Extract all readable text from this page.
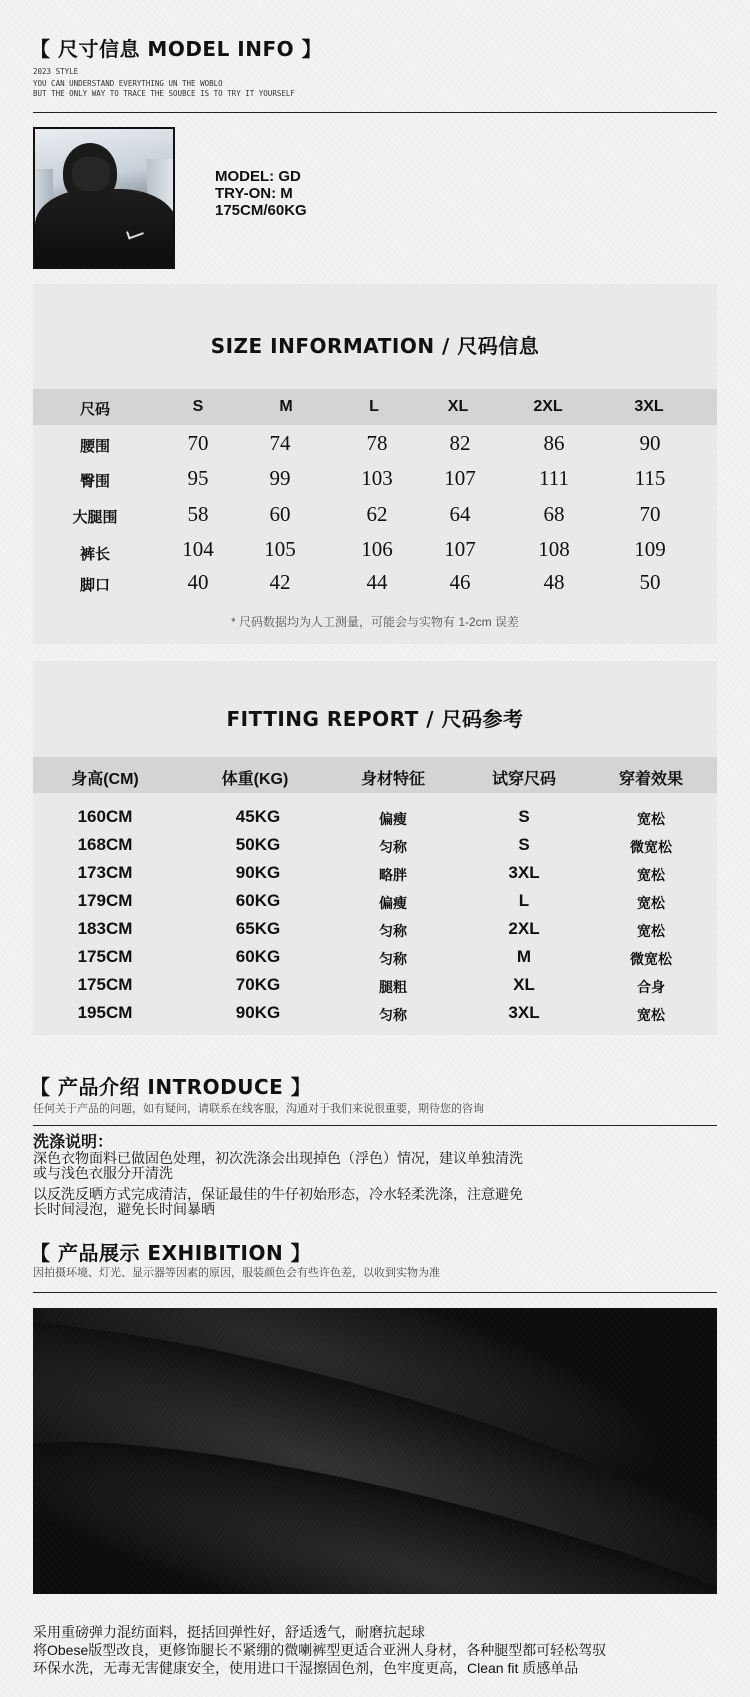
【 尺寸信息 MODEL INFO 】
2023 STYLE
YOU CAN UNDERSTAND EVERYTHING UN THE WOBLO
BUT THE ONLY WAY TO TRACE THE SOUBCE IS TO TRY IT YOURSELF
MODEL: GD
TRY-ON: M
175CM/60KG
SIZE INFORMATION / 尺码信息
尺码	S	M	L	XL	2XL	3XL
腰围	70	74	78	82	86	90
臀围	95	99	103	107	111	115
大腿围	58	60	62	64	68	70
裤长	104	105	106	107	108	109
脚口	40	42	44	46	48	50
* 尺码数据均为人工测量，可能会与实物有 1-2cm 误差
FITTING REPORT / 尺码参考
身高(CM)	体重(KG)	身材特征	试穿尺码	穿着效果
160CM	45KG	偏瘦	S	宽松
168CM	50KG	匀称	S	微宽松
173CM	90KG	略胖	3XL	宽松
179CM	60KG	偏瘦	L	宽松
183CM	65KG	匀称	2XL	宽松
175CM	60KG	匀称	M	微宽松
175CM	70KG	腿粗	XL	合身
195CM	90KG	匀称	3XL	宽松
【 产品介绍 INTRODUCE 】
任何关于产品的问题，如有疑问，请联系在线客服，沟通对于我们来说很重要，期待您的咨询
洗涤说明：
深色衣物面料已做固色处理，初次洗涤会出现掉色（浮色）情况，建议单独清洗
或与浅色衣服分开清洗
以反洗反晒方式完成清洁，保证最佳的牛仔初始形态，冷水轻柔洗涤，注意避免
长时间浸泡，避免长时间暴晒
【 产品展示 EXHIBITION 】
因拍摄环境、灯光、显示器等因素的原因，服装颜色会有些许色差，以收到实物为准
采用重磅弹力混纺面料，挺括回弹性好，舒适透气，耐磨抗起球
将Obese版型改良，更修饰腿长不紧绷的微喇裤型更适合亚洲人身材，各种腿型都可轻松驾驭
环保水洗，无毒无害健康安全，使用进口干湿擦固色剂，色牢度更高，Clean fit 质感单品
